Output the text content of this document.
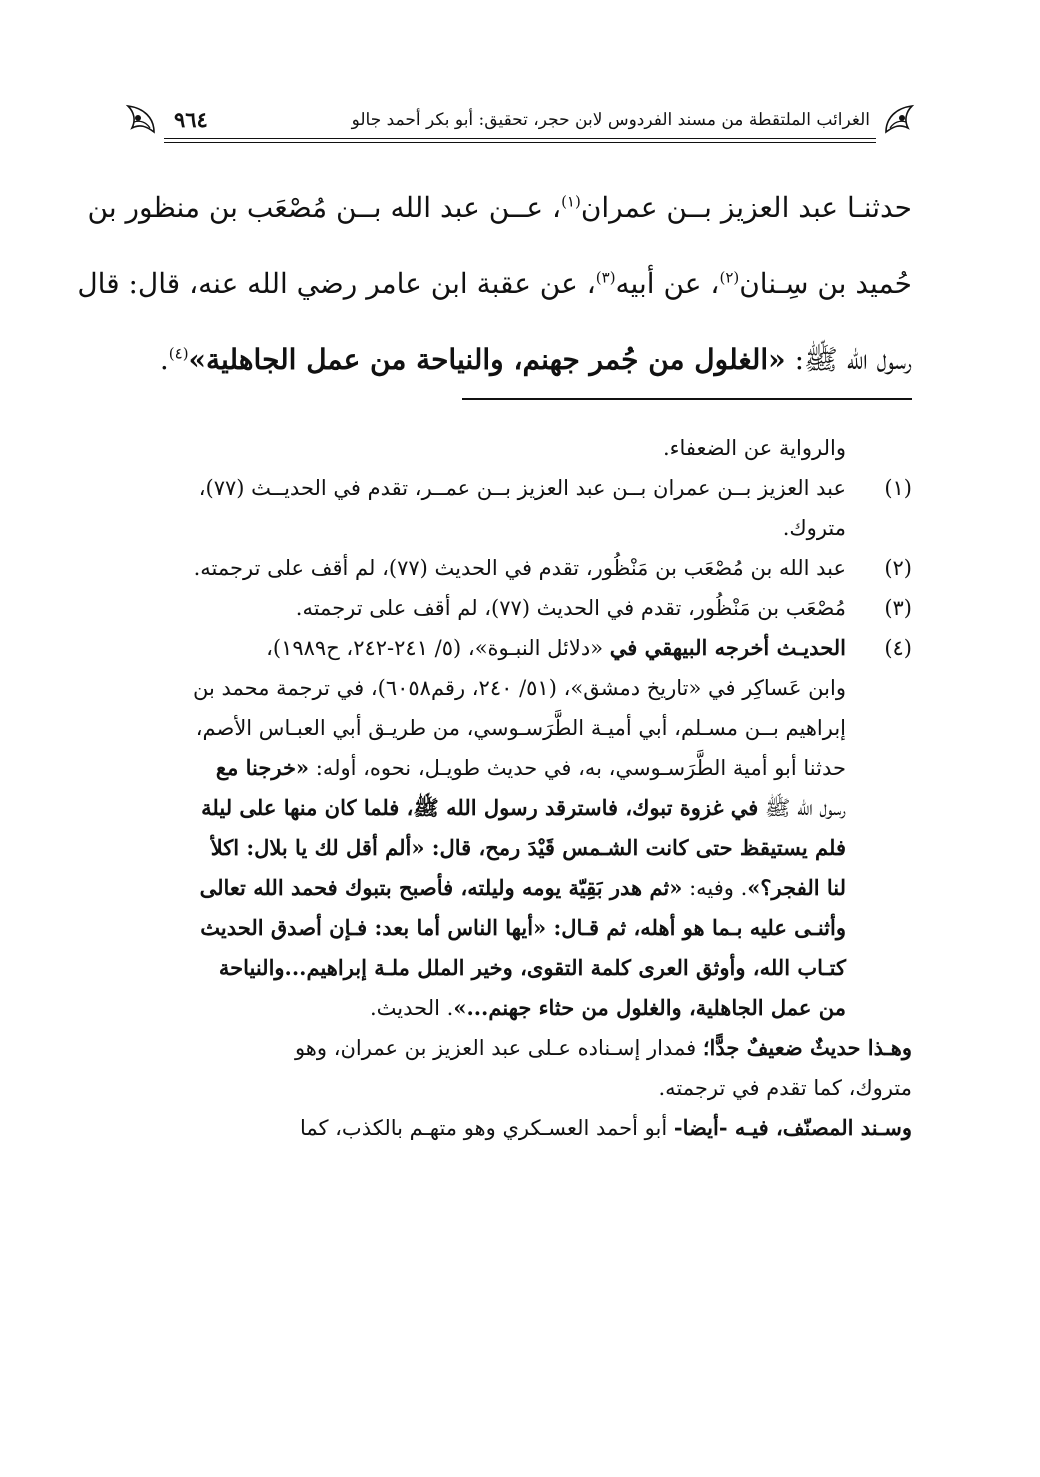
الغرائب الملتقطة من مسند الفردوس لابن حجر، تحقيق: أبو بكر أحمد جالو
٩٦٤

حدثنـا عبد العزيز بــن عمران$^{(١)}$، عــن عبد الله بــن مُصْعَب بن منظور بن

حُميد بن سِـنان$^{(٢)}$، عن أبيه$^{(٣)}$، عن عقبة ابن عامر رضي الله عنه، قال: قال

رسول الله ﷺ: «الغلول من جُمر جهنم، والنياحة من عمل الجاهلية»$^{(٤)}$.

والرواية عن الضعفاء.

(١)

عبد العزيز بــن عمران بــن عبد العزيز بــن عمــر، تقدم في الحديــث (٧٧)،

متروك.

(٢)

عبد الله بن مُصْعَب بن مَنْظُور، تقدم في الحديث (٧٧)، لم أقف على ترجمته.

(٣)

مُصْعَب بن مَنْظُور، تقدم في الحديث (٧٧)، لم أقف على ترجمته.

(٤)

الحديـث أخرجه البيهقي في «دلائل النبـوة»، (٥/ ٢٤١-٢٤٢، ح١٩٨٩)،

وابن عَساكِر في «تاريخ دمشق»، (٥١/ ٢٤٠، رقم٦٠٥٨)، في ترجمة محمد بن

إبراهيم بــن مسـلم، أبي أميـة الطَّرَسـوسي، من طريـق أبي العبـاس الأصم،

حدثنا أبو أمية الطَّرَسـوسي، به، في حديث طويـل، نحوه، أوله: «خرجنا مع

رسول الله ﷺ في غزوة تبوك، فاسترقد رسول الله ﷺ، فلما كان منها على ليلة

فلم يستيقظ حتى كانت الشـمس قَيْدَ رمح، قال: «ألم أقل لك يا بلال: اكلأ

لنا الفجر؟». وفيه: «ثم هدر بَقِيّة يومه وليلته، فأصبح بتبوك فحمد الله تعالى

وأثنـى عليه بـما هو أهله، ثم قـال: «أيها الناس أما بعد: فـإن أصدق الحديث

كتـاب الله، وأوثق العرى كلمة التقوى، وخير الملل ملـة إبراهيم...والنياحة

من عمل الجاهلية، والغلول من حثاء جهنم...». الحديث.

وهـذا حديثٌ ضعيفٌ جدًّا؛ فمدار إسـناده عـلى عبد العزيز بن عمران، وهو

متروك، كما تقدم في ترجمته.

وسـند المصنّف، فيـه -أيضا- أبو أحمد العسـكري وهو متهـم بالكذب، كما
